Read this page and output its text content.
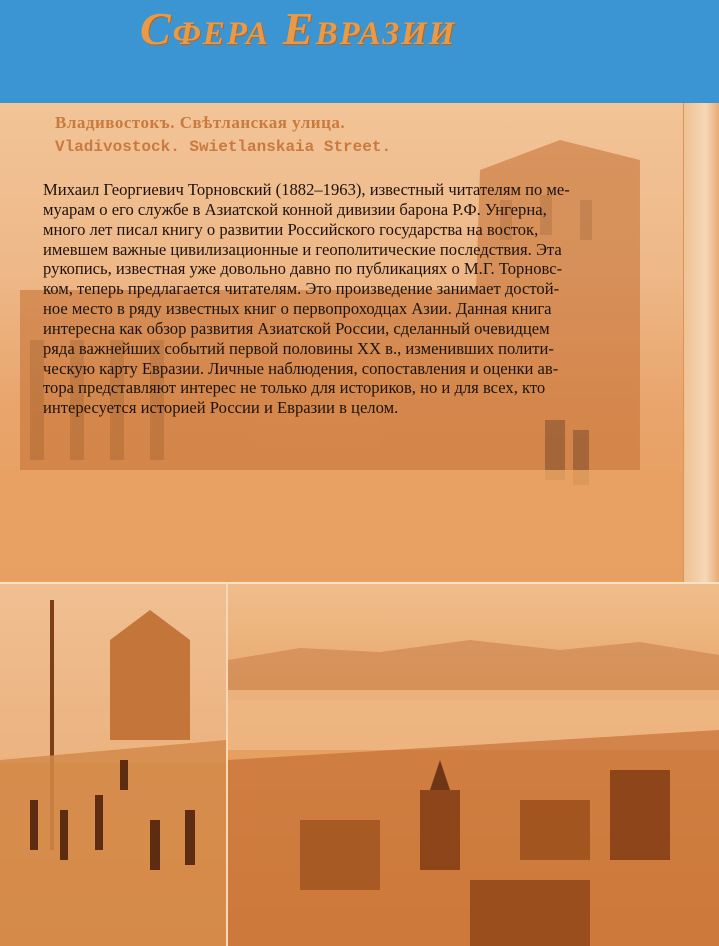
Владивостокъ. Свѣтланская улица.
Vladivostock. Swietlanskaia Street.
СФЕРА ЕВРАЗИИ
Михаил Георгиевич Торновский (1882–1963), известный читателям по ме-
муарам о его службе в Азиатской конной дивизии барона Р.Ф. Унгерна,
много лет писал книгу о развитии Российского государства на восток,
имевшем важные цивилизационные и геополитические последствия. Эта
рукопись, известная уже довольно давно по публикациях о М.Г. Торновс-
ком, теперь предлагается читателям. Это произведение занимает достой-
ное место в ряду известных книг о первопроходцах Азии. Данная книга
интересна как обзор развития Азиатской России, сделанный очевидцем
ряда важнейших событий первой половины XX в., изменивших полити-
ческую карту Евразии. Личные наблюдения, сопоставления и оценки ав-
тора представляют интерес не только для историков, но и для всех, кто
интересуется историей России и Евразии в целом.
